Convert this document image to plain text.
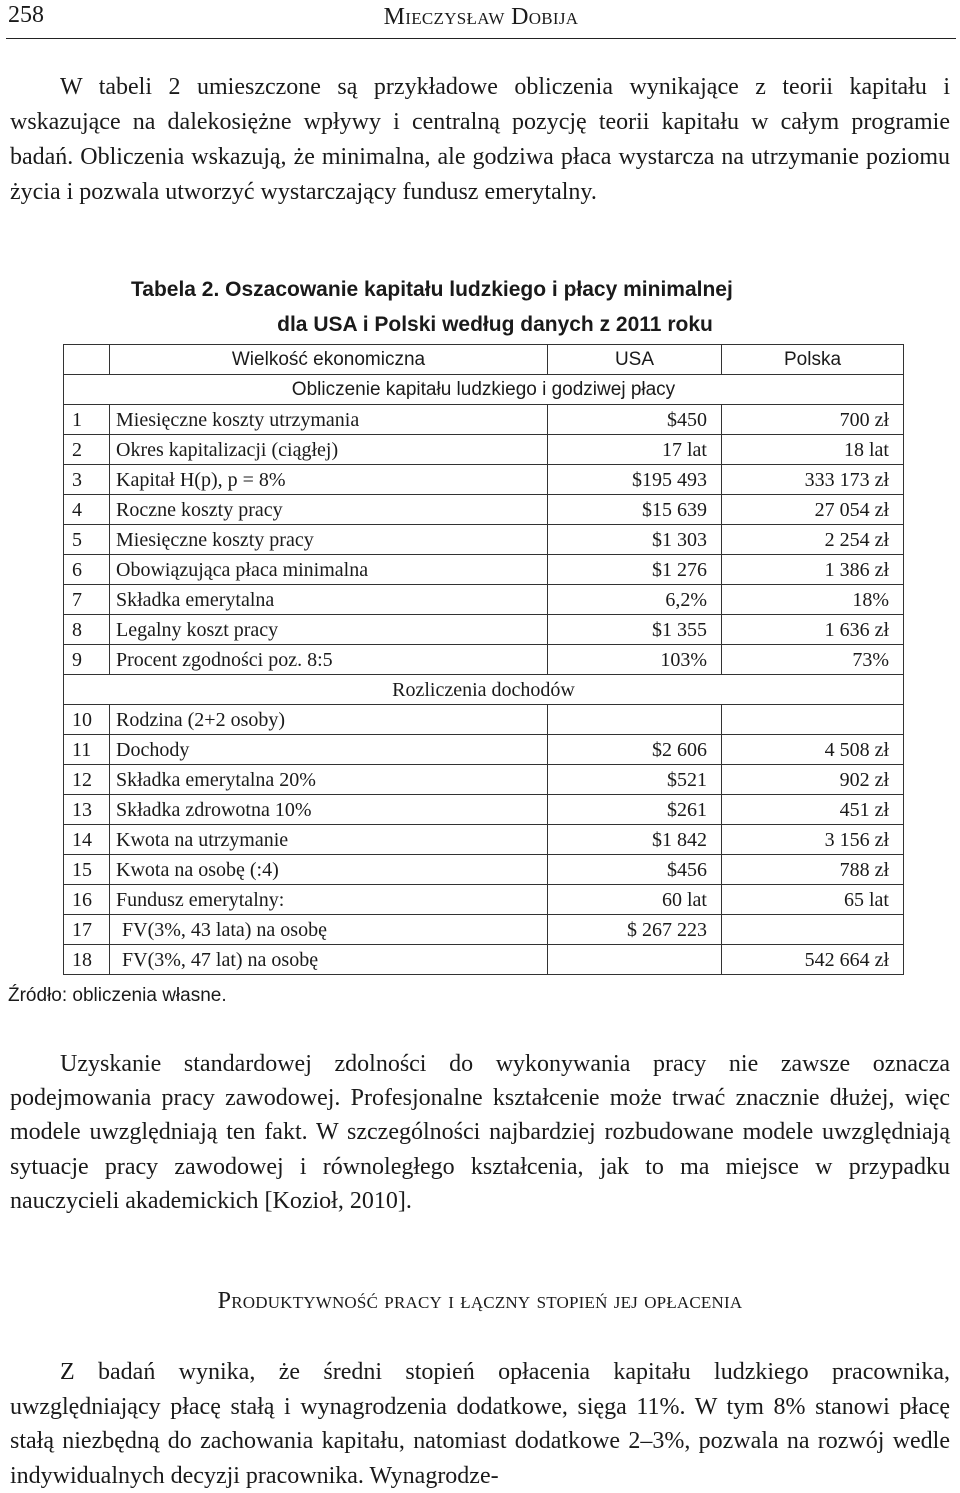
258	Mieczysław Dobija

W tabeli 2 umieszczone są przykładowe obliczenia wynikające z teorii kapitału i wskazujące na dalekosiężne wpływy i centralną pozycję teorii kapitału w całym programie badań. Obliczenia wskazują, że minimalna, ale godziwa płaca wystarcza na utrzymanie poziomu życia i pozwala utworzyć wystarczający fundusz emerytalny.

Tabela 2. Oszacowanie kapitału ludzkiego i płacy minimalnej
dla USA i Polski według danych z 2011 roku
	Wielkość ekonomiczna	USA	Polska
Obliczenie kapitału ludzkiego i godziwej płacy			
1	Miesięczne koszty utrzymania	$450	700 zł
2	Okres kapitalizacji (ciągłej)	17 lat	18 lat
3	Kapitał H(p), p = 8%	$195 493	333 173 zł
4	Roczne koszty pracy	$15 639	27 054 zł
5	Miesięczne koszty pracy	$1 303	2 254 zł
6	Obowiązująca płaca minimalna	$1 276	1 386 zł
7	Składka emerytalna	6,2%	18%
8	Legalny koszt pracy	$1 355	1 636 zł
9	Procent zgodności poz. 8:5	103%	73%
Rozliczenia dochodów			
10	Rodzina (2+2 osoby)		
11	Dochody	$2 606	4 508 zł
12	Składka emerytalna 20%	$521	902 zł
13	Składka zdrowotna 10%	$261	451 zł
14	Kwota na utrzymanie	$1 842	3 156 zł
15	Kwota na osobę (:4)	$456	788 zł
16	Fundusz emerytalny:	60 lat	65 lat
17	FV(3%, 43 lata) na osobę	$ 267 223	
18	FV(3%, 47 lat) na osobę		542 664 zł
Źródło: obliczenia własne.

Uzyskanie standardowej zdolności do wykonywania pracy nie zawsze oznacza podejmowania pracy zawodowej. Profesjonalne kształcenie może trwać znacznie dłużej, więc modele uwzględniają ten fakt. W szczególności najbardziej rozbudowane modele uwzględniają sytuacje pracy zawodowej i równoległego kształcenia, jak to ma miejsce w przypadku nauczycieli akademickich [Kozioł, 2010].

Produktywność pracy i łączny stopień jej opłacenia

Z badań wynika, że średni stopień opłacenia kapitału ludzkiego pracownika, uwzględniający płacę stałą i wynagrodzenia dodatkowe, sięga 11%. W tym 8% stanowi płacę stałą niezbędną do zachowania kapitału, natomiast dodatkowe 2–3%, pozwala na rozwój wedle indywidualnych decyzji pracownika. Wynagrodze-
